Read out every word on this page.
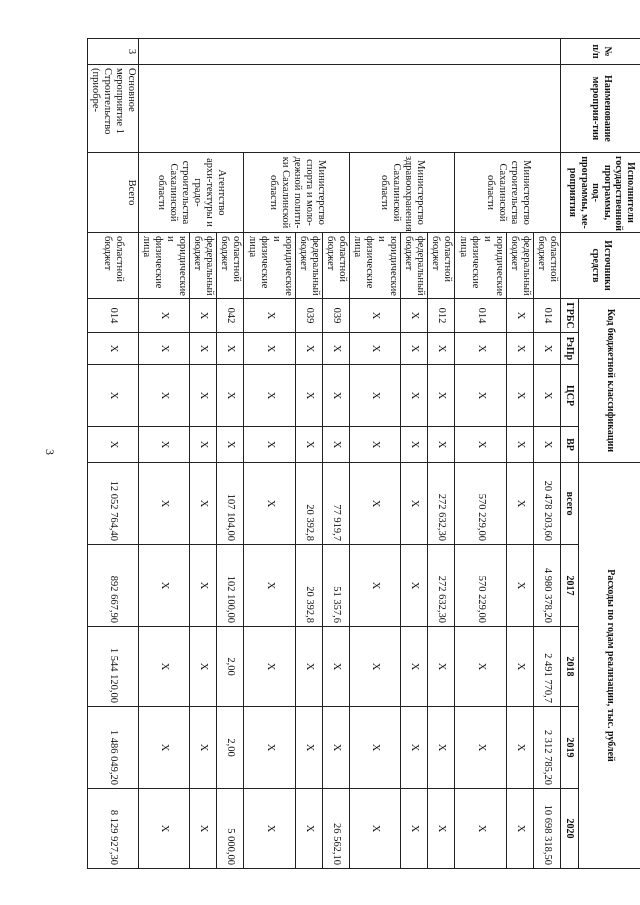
3
№ п/п	Наименование мероприя-тия	Исполнители государственной программы, под-программы, ме-роприятия	Источники средств	Код бюджетной классификации				Расходы по годам реализации, тыс. рублей				
				ГРБС	РзПр	ЦСР	ВР	всего	2017	2018	2019	2020
		Министерство строительства Сахалинской области	областной бюджет	014	X	X	X	20 478 203,60	4 980 378,20	2 491 770,7	2 312 785,20	10 698 318,50
			федеральный бюджет	X	X	X	X	X	X	X	X	X
			юридические и физические лица	014	X	X	X	570 229,00	570 229,00	X	X	X
		Министерство здравоохранения Сахалинской области	областной бюджет	012	X	X	X	272 632,30	272 632,30	X	X	X
			федеральный бюджет	X	X	X	X	X	X	X	X	X
			юридические и физические лица	X	X	X	X	X	X	X	X	X
		Министерство спорта и моло-дежной полити-ки Сахалинской области	областной бюджет	039	X	X	X	77 919,7	51 357,6	X	X	26 562,10
			федеральный бюджет	039	X	X	X	20 392,8	20 392,8	X	X	X
			юридические и физические лица	X	X	X	X	X	X	X	X	X
		Агентство архи-тектуры и градо-строительства Сахалинской области	областной бюджет	042	X	X	X	107 104,00	102 100,00	2,00	2,00	5 000,00
			федеральный бюджет	X	X	X	X	X	X	X	X	X
			юридические и физические лица	X	X	X	X	X	X	X	X	X
3	Основное мероприятие 1 Строительство (приобре-	Всего	областной бюджет	014	X	X	X	12 052 764,40	892 667,90	1 544 120,00	1 486 049,20	8 129 927,30
